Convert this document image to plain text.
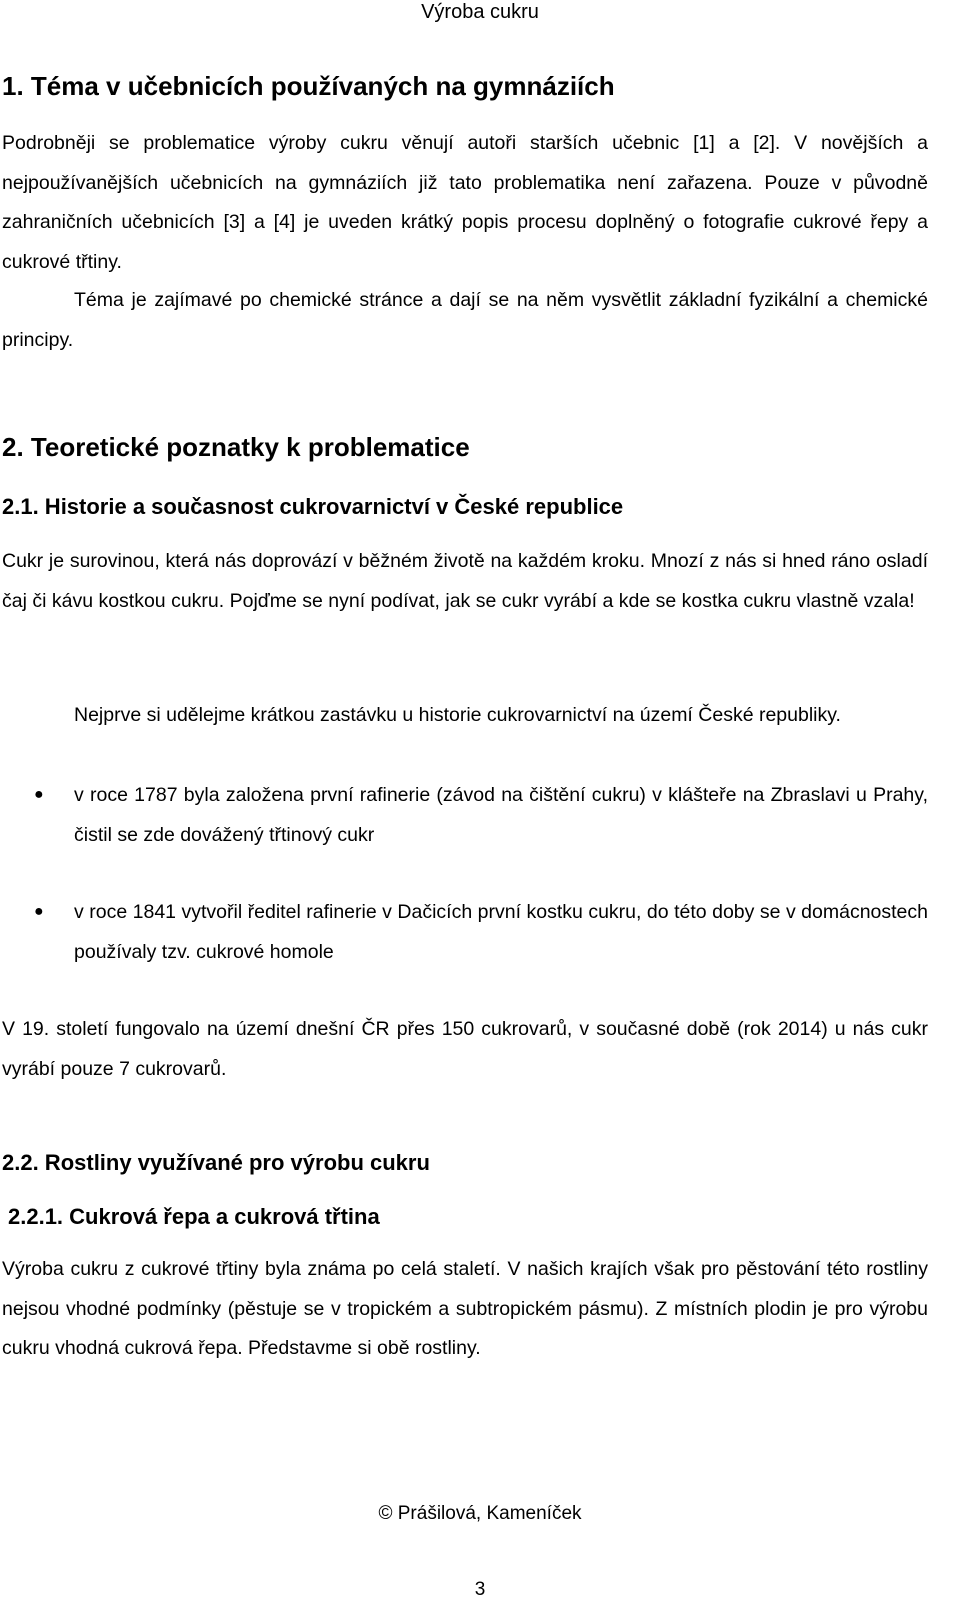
Výroba cukru
1. Téma v učebnicích používaných na gymnáziích
Podrobněji se problematice výroby cukru věnují autoři starších učebnic [1] a [2]. V novějších a nejpoužívanějších učebnicích na gymnáziích již tato problematika není zařazena. Pouze v původně zahraničních učebnicích [3] a [4] je uveden krátký popis procesu doplněný o fotografie cukrové řepy a cukrové třtiny.
Téma je zajímavé po chemické stránce a dají se na něm vysvětlit základní fyzikální a chemické principy.
2. Teoretické poznatky k problematice
2.1. Historie a současnost cukrovarnictví v České republice
Cukr je surovinou, která nás doprovází v běžném životě na každém kroku. Mnozí z nás si hned ráno osladí čaj či kávu kostkou cukru. Pojďme se nyní podívat, jak se cukr vyrábí a kde se kostka cukru vlastně vzala!
Nejprve si udělejme krátkou zastávku u historie cukrovarnictví na území České republiky.
● v roce 1787 byla založena první rafinerie (závod na čištění cukru) v klášteře na Zbraslavi u Prahy, čistil se zde dovážený třtinový cukr
● v roce 1841 vytvořil ředitel rafinerie v Dačicích první kostku cukru, do této doby se v domácnostech používaly tzv. cukrové homole
V 19. století fungovalo na území dnešní ČR přes 150 cukrovarů, v současné době (rok 2014) u nás cukr vyrábí pouze 7 cukrovarů.
2.2. Rostliny využívané pro výrobu cukru
2.2.1. Cukrová řepa a cukrová třtina
Výroba cukru z cukrové třtiny byla známa po celá staletí. V našich krajích však pro pěstování této rostliny nejsou vhodné podmínky (pěstuje se v tropickém a subtropickém pásmu). Z místních plodin je pro výrobu cukru vhodná cukrová řepa. Představme si obě rostliny.
© Prášilová, Kameníček
3
